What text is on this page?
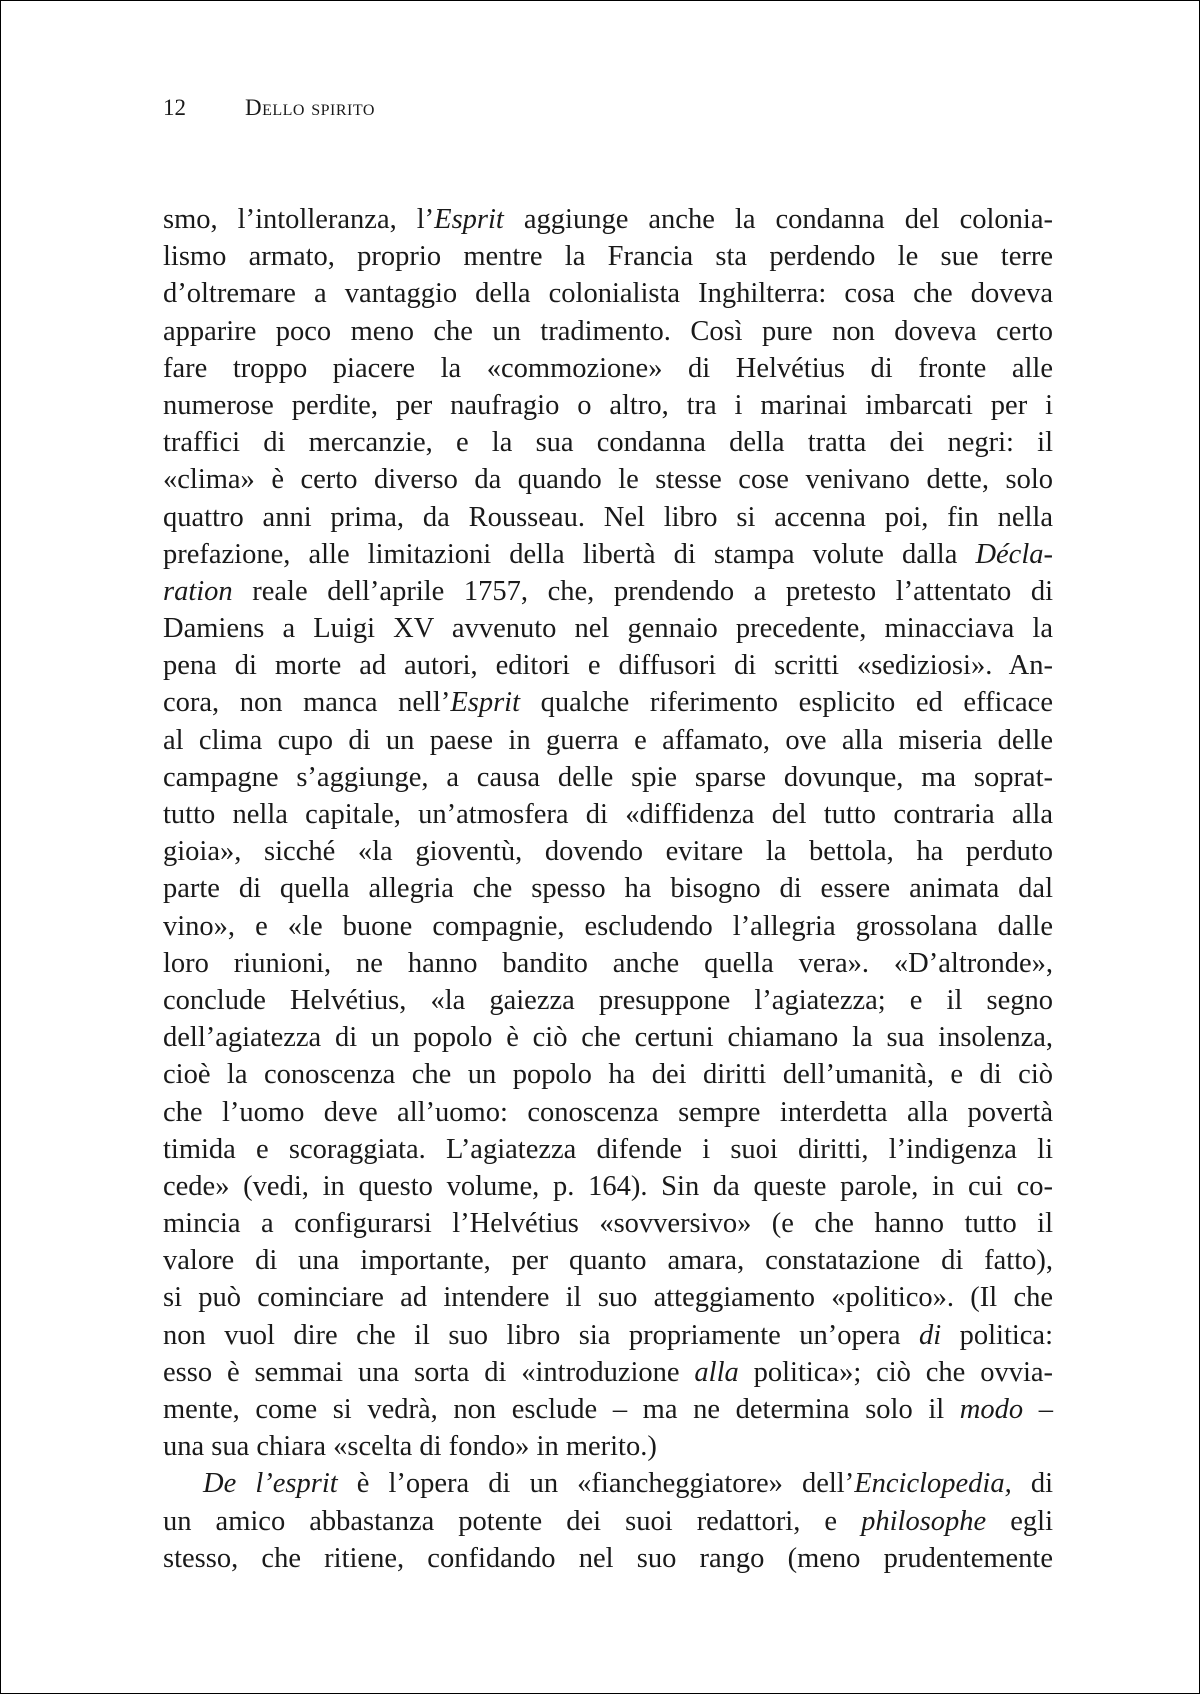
12	Dello spirito
smo, l’intolleranza, l’Esprit aggiunge anche la condanna del colonia-
lismo armato, proprio mentre la Francia sta perdendo le sue terre
d’oltremare a vantaggio della colonialista Inghilterra: cosa che doveva
apparire poco meno che un tradimento. Così pure non doveva certo
fare troppo piacere la «commozione» di Helvétius di fronte alle
numerose perdite, per naufragio o altro, tra i marinai imbarcati per i
traffici di mercanzie, e la sua condanna della tratta dei negri: il
«clima» è certo diverso da quando le stesse cose venivano dette, solo
quattro anni prima, da Rousseau. Nel libro si accenna poi, fin nella
prefazione, alle limitazioni della libertà di stampa volute dalla Décla-
ration reale dell’aprile 1757, che, prendendo a pretesto l’attentato di
Damiens a Luigi XV avvenuto nel gennaio precedente, minacciava la
pena di morte ad autori, editori e diffusori di scritti «sediziosi». An-
cora, non manca nell’Esprit qualche riferimento esplicito ed efficace
al clima cupo di un paese in guerra e affamato, ove alla miseria delle
campagne s’aggiunge, a causa delle spie sparse dovunque, ma soprat-
tutto nella capitale, un’atmosfera di «diffidenza del tutto contraria alla
gioia», sicché «la gioventù, dovendo evitare la bettola, ha perduto
parte di quella allegria che spesso ha bisogno di essere animata dal
vino», e «le buone compagnie, escludendo l’allegria grossolana dalle
loro riunioni, ne hanno bandito anche quella vera». «D’altronde»,
conclude Helvétius, «la gaiezza presuppone l’agiatezza; e il segno
dell’agiatezza di un popolo è ciò che certuni chiamano la sua insolenza,
cioè la conoscenza che un popolo ha dei diritti dell’umanità, e di ciò
che l’uomo deve all’uomo: conoscenza sempre interdetta alla povertà
timida e scoraggiata. L’agiatezza difende i suoi diritti, l’indigenza li
cede» (vedi, in questo volume, p. 164). Sin da queste parole, in cui co-
mincia a configurarsi l’Helvétius «sovversivo» (e che hanno tutto il
valore di una importante, per quanto amara, constatazione di fatto),
si può cominciare ad intendere il suo atteggiamento «politico». (Il che
non vuol dire che il suo libro sia propriamente un’opera di politica:
esso è semmai una sorta di «introduzione alla politica»; ciò che ovvia-
mente, come si vedrà, non esclude – ma ne determina solo il modo –
una sua chiara «scelta di fondo» in merito.)
De l’esprit è l’opera di un «fiancheggiatore» dell’Enciclopedia, di
un amico abbastanza potente dei suoi redattori, e philosophe egli
stesso, che ritiene, confidando nel suo rango (meno prudentemente
